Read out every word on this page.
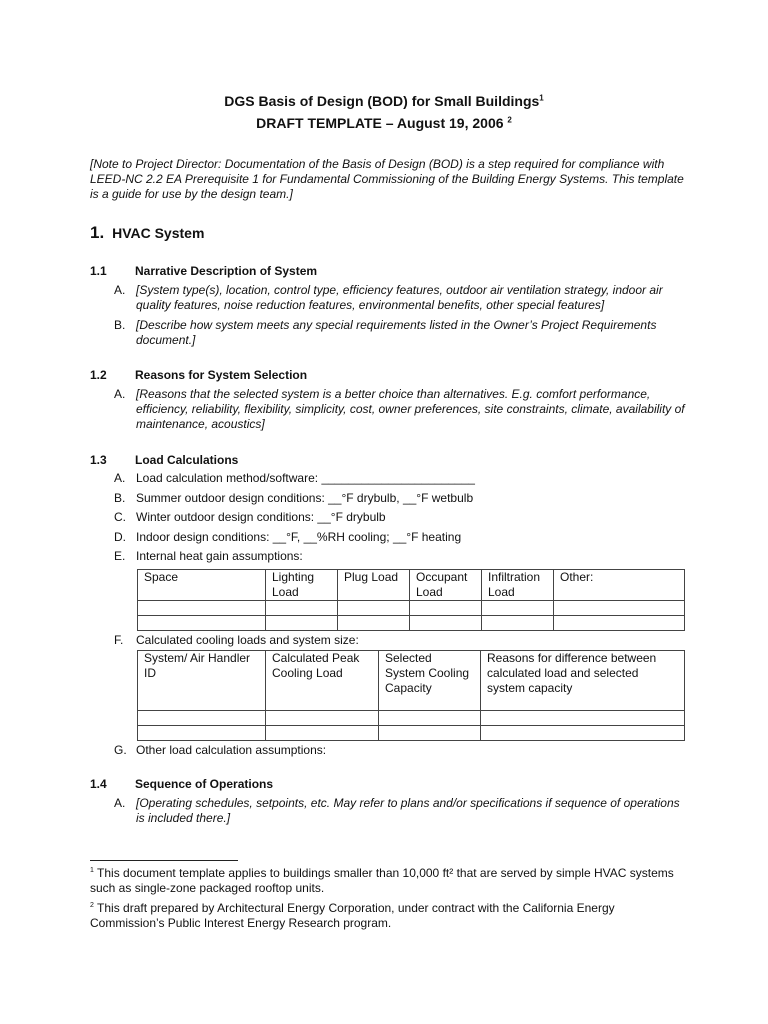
DGS Basis of Design (BOD) for Small Buildings$^1$
DRAFT TEMPLATE – August 19, 2006 $^2$
[Note to Project Director: Documentation of the Basis of Design (BOD) is a step required for compliance with LEED-NC 2.2 EA Prerequisite 1 for Fundamental Commissioning of the Building Energy Systems. This template is a guide for use by the design team.]
1. HVAC System
1.1 Narrative Description of System
A. [System type(s), location, control type, efficiency features, outdoor air ventilation strategy, indoor air quality features, noise reduction features, environmental benefits, other special features]
B. [Describe how system meets any special requirements listed in the Owner’s Project Requirements document.]
1.2 Reasons for System Selection
A. [Reasons that the selected system is a better choice than alternatives. E.g. comfort performance, efficiency, reliability, flexibility, simplicity, cost, owner preferences, site constraints, climate, availability of maintenance, acoustics]
1.3 Load Calculations
A. Load calculation method/software: _______________________
B. Summer outdoor design conditions: __°F drybulb, __°F wetbulb
C. Winter outdoor design conditions: __°F drybulb
D. Indoor design conditions: __°F, __%RH cooling; __°F heating
E. Internal heat gain assumptions:
Space	Lighting Load	Plug Load	Occupant Load	Infiltration Load	Other:

F. Calculated cooling loads and system size:
System/ Air Handler ID	Calculated Peak Cooling Load	Selected System Cooling Capacity	Reasons for difference between calculated load and selected system capacity

G. Other load calculation assumptions:
1.4 Sequence of Operations
A. [Operating schedules, setpoints, etc. May refer to plans and/or specifications if sequence of operations is included there.]
$^1$ This document template applies to buildings smaller than 10,000 ft² that are served by simple HVAC systems such as single-zone packaged rooftop units.
$^2$ This draft prepared by Architectural Energy Corporation, under contract with the California Energy Commission’s Public Interest Energy Research program.
